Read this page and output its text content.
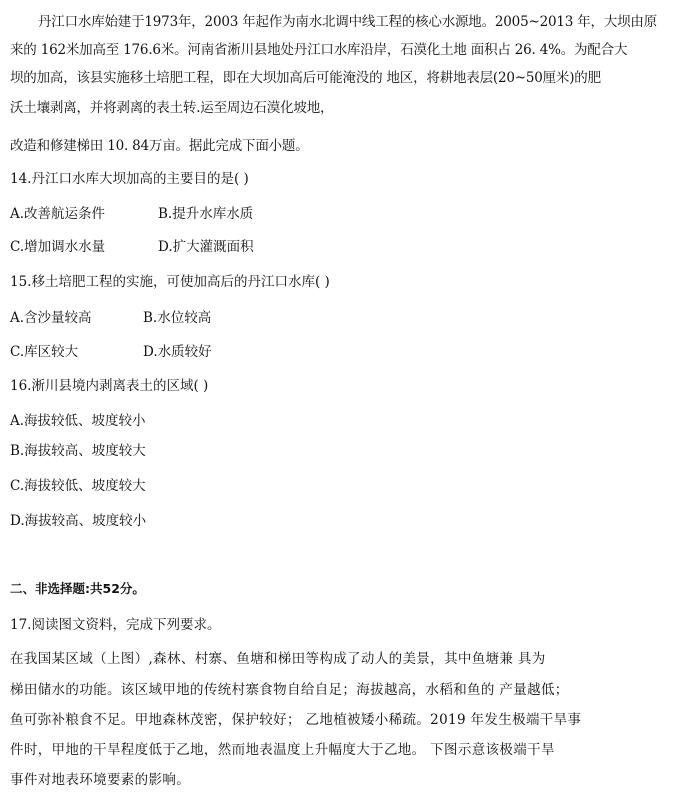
丹江口水库始建于1973年，2003 年起作为南水北调中线工程的核心水源地。2005~2013 年，大坝由原
来的 162米加高至 176.6米。河南省淅川县地处丹江口水库沿岸，石漠化土地 面积占 26. 4%。为配合大
坝的加高，该县实施移土培肥工程，即在大坝加高后可能淹没的 地区，将耕地表层(20~50厘米)的肥
沃土壤剥离，并将剥离的表土转.运至周边石漠化坡地，
改造和修建梯田 10. 84万亩。据此完成下面小题。
14.丹江口水库大坝加高的主要目的是( )
A.改善航运条件	B.提升水库水质
C.增加调水水量	D.扩大灌溉面积
15.移土培肥工程的实施，可使加高后的丹江口水库( )
A.含沙量较高	B.水位较高
C.库区较大	D.水质较好
16.淅川县境内剥离表土的区域( )
A.海拔较低、坡度较小
B.海拔较高、坡度较大
C.海拔较低、坡度较大
D.海拔较高、坡度较小
二、非选择题:共52分。
17.阅读图文资料，完成下列要求。
在我国某区域（上图）,森林、村寨、鱼塘和梯田等构成了动人的美景，其中鱼塘兼 具为
梯田储水的功能。该区域甲地的传统村寨食物自给自足；海拔越高，水稻和鱼的 产量越低；
鱼可弥补粮食不足。甲地森林茂密，保护较好； 乙地植被矮小稀疏。2019 年发生极端干旱事
件时，甲地的干旱程度低于乙地，然而地表温度上升幅度大于乙地。 下图示意该极端干旱
事件对地表环境要素的影响。
